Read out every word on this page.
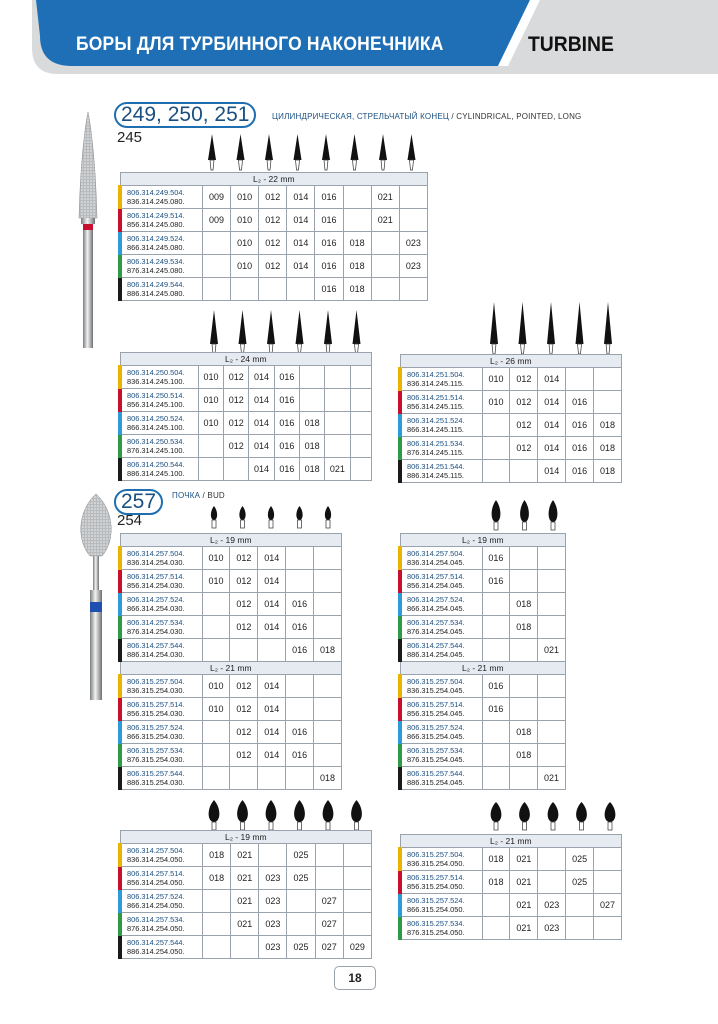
БОРЫ ДЛЯ ТУРБИННОГО НАКОНЕЧНИКА	TURBINE
249, 250, 251
245
ЦИЛИНДРИЧЕСКАЯ, СТРЕЛЬЧАТЫЙ КОНЕЦ / CYLINDRICAL, POINTED, LONG
L₂ - 22 mm								

806.314.249.504.
836.314.245.080.	009	010	012	014	016		021	

806.314.249.514.
856.314.245.080.	009	010	012	014	016		021	

806.314.249.524.
866.314.245.080.		010	012	014	016	018		023

806.314.249.534.
876.314.245.080.		010	012	014	016	018		023

806.314.249.544.
886.314.245.080.					016	018		
L₂ - 24 mm							

806.314.250.504.
836.314.245.100.	010	012	014	016			

806.314.250.514.
856.314.245.100.	010	012	014	016			

806.314.250.524.
866.314.245.100.	010	012	014	016	018		

806.314.250.534.
876.314.245.100.		012	014	016	018		

806.314.250.544.
886.314.245.100.			014	016	018	021	
L₂ - 26 mm					

806.314.251.504.
836.314.245.115.	010	012	014		

806.314.251.514.
856.314.245.115.	010	012	014	016	

806.314.251.524.
866.314.245.115.		012	014	016	018

806.314.251.534.
876.314.245.115.		012	014	016	018

806.314.251.544.
886.314.245.115.			014	016	018
257
254
ПОЧКА / BUD
L₂ - 19 mm					

806.314.257.504.
836.314.254.030.	010	012	014		

806.314.257.514.
856.314.254.030.	010	012	014		

806.314.257.524.
866.314.254.030.		012	014	016	

806.314.257.534.
876.314.254.030.		012	014	016	

806.314.257.544.
886.314.254.030.				016	018
L₂ - 21 mm					

806.315.257.504.
836.315.254.030.	010	012	014		

806.315.257.514.
856.315.254.030.	010	012	014		

806.315.257.524.
866.315.254.030.		012	014	016	

806.315.257.534.
876.315.254.030.		012	014	016	

806.315.257.544.
886.315.254.030.					018
L₂ - 19 mm			

806.314.257.504.
836.314.254.045.	016		

806.314.257.514.
856.314.254.045.	016		

806.314.257.524.
866.314.254.045.		018	

806.314.257.534.
876.314.254.045.		018	

806.314.257.544.
886.314.254.045.			021
L₂ - 21 mm			

806.315.257.504.
836.315.254.045.	016		

806.315.257.514.
856.315.254.045.	016		

806.315.257.524.
866.315.254.045.		018	

806.315.257.534.
876.315.254.045.		018	

806.315.257.544.
886.315.254.045.			021
L₂ - 19 mm						

806.314.257.504.
836.314.254.050.	018	021		025		

806.314.257.514.
856.314.254.050.	018	021	023	025		

806.314.257.524.
866.314.254.050.		021	023		027	

806.314.257.534.
876.314.254.050.		021	023		027	

806.314.257.544.
886.314.254.050.			023	025	027	029
L₂ - 21 mm					

806.315.257.504.
836.315.254.050.	018	021		025	

806.315.257.514.
856.315.254.050.	018	021		025	

806.315.257.524.
866.315.254.050.		021	023		027

806.315.257.534.
876.315.254.050.		021	023		
18
